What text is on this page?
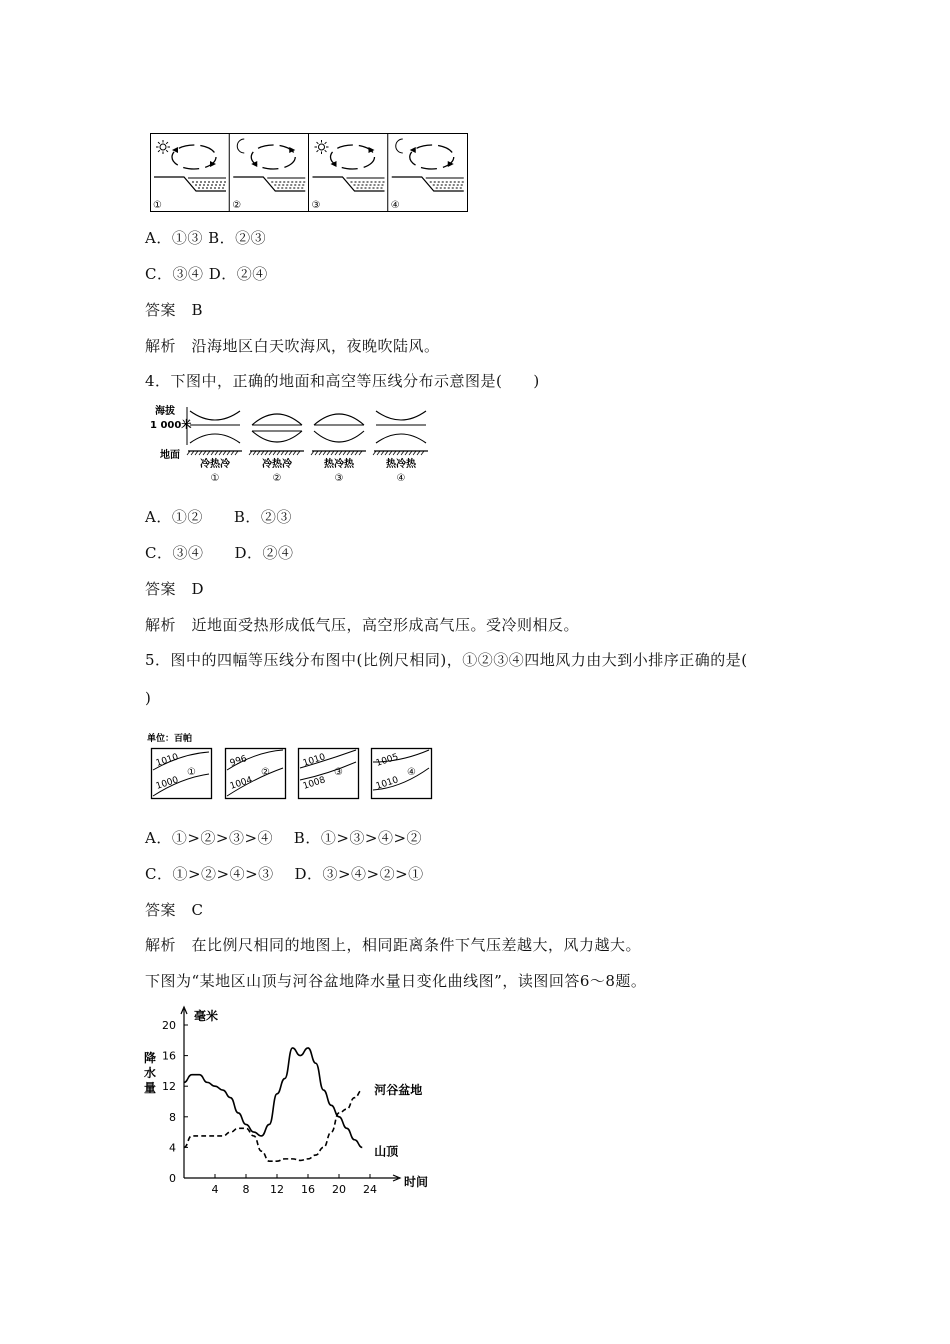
①	②	③	④
A．①③ B．②③
C．③④ D．②④
答案　B
解析　沿海地区白天吹海风，夜晚吹陆风。
4．下图中，正确的地面和高空等压线分布示意图是(　　)
海拔
1 000米
地面
冷热冷
①
冷热冷
②
热冷热
③
热冷热
④
A．①②　　B．②③
C．③④　　D．②④
答案　D
解析　近地面受热形成低气压，高空形成高气压。受冷则相反。
5．图中的四幅等压线分布图中(比例尺相同)，①②③④四地风力由大到小排序正确的是(
)
单位：百帕
1010
1000
①
996
1004
②
1010
1008
③
1005
1010
④
A．①>②>③>④　 B．①>③>④>②
C．①>②>④>③　 D．③>④>②>①
答案　C
解析　在比例尺相同的地图上，相同距离条件下气压差越大，风力越大。
下图为“某地区山顶与河谷盆地降水量日变化曲线图”，读图回答6～8题。
0
4
8
12
16
20
4 8 12 16 20 24
毫米
降
水
量
时间
山顶
河谷盆地
